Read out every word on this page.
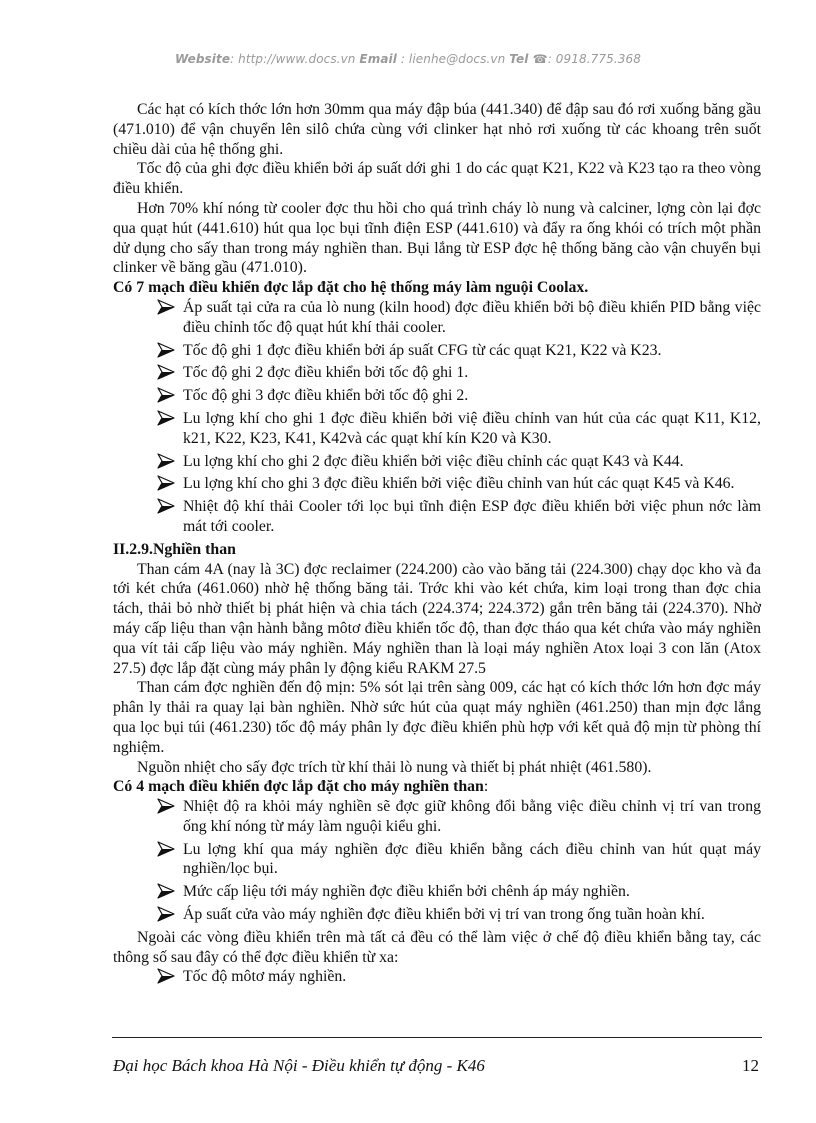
Website: http://www.docs.vn Email : lienhe@docs.vn Tel ☎: 0918.775.368

Các hạt có kích thớc lớn hơn 30mm qua máy đập búa (441.340) để đập sau đó rơi xuống băng gầu (471.010) để vận chuyển lên silô chứa cùng với clinker hạt nhỏ rơi xuống từ các khoang trên suốt chiều dài của hệ thống ghi.

Tốc độ của ghi đợc điều khiển bởi áp suất dới ghi 1 do các quạt K21, K22 và K23 tạo ra theo vòng điều khiển.

Hơn 70% khí nóng từ cooler đợc thu hồi cho quá trình cháy lò nung và calciner, lợng còn lại đợc qua quạt hút (441.610) hút qua lọc bụi tĩnh điện ESP (441.610) và đẩy ra ống khói có trích một phần dử dụng cho sấy than trong máy nghiền than. Bụi lắng từ ESP đợc hệ thống băng cào vận chuyển bụi clinker về băng gầu (471.010).

Có 7 mạch điều khiển đợc lắp đặt cho hệ thống máy làm nguội Coolax.

Áp suất tại cửa ra của lò nung (kiln hood) đợc điều khiển bởi bộ điều khiển PID bằng việc điều chỉnh tốc độ quạt hút khí thải cooler.
Tốc độ ghi 1 đợc điều khiển bởi áp suất CFG từ các quạt K21, K22 và K23.
Tốc độ ghi 2 đợc điều khiển bởi tốc độ ghi 1.
Tốc độ ghi 3 đợc điều khiển bởi tốc độ ghi 2.
Lu lợng khí cho ghi 1 đợc điều khiển bởi việ điều chỉnh van hút của các quạt K11, K12, k21, K22, K23, K41, K42và các quạt khí kín K20 và K30.
Lu lợng khí cho ghi 2 đợc điều khiển bởi việc điều chỉnh các quạt K43 và K44.
Lu lợng khí cho ghi 3 đợc điều khiển bởi việc điều chỉnh van hút các quạt K45 và K46.
Nhiệt độ khí thải Cooler tới lọc bụi tĩnh điện ESP đợc điều khiển bởi việc phun nớc làm mát tới cooler.

II.2.9.Nghiền than

Than cám 4A (nay là 3C) đợc reclaimer (224.200) cào vào băng tải (224.300) chạy dọc kho và đa tới két chứa (461.060) nhờ hệ thống băng tải. Trớc khi vào két chứa, kim loại trong than đợc chia tách, thải bỏ nhờ thiết bị phát hiện và chia tách (224.374; 224.372) gắn trên băng tải (224.370). Nhờ máy cấp liệu than vận hành bằng môtơ điều khiển tốc độ, than đợc tháo qua két chứa vào máy nghiền qua vít tải cấp liệu vào máy nghiền. Máy nghiền than là loại máy nghiền Atox loại 3 con lăn (Atox 27.5) đợc lắp đặt cùng máy phân ly động kiểu RAKM 27.5

Than cám đợc nghiền đến độ mịn: 5% sót lại trên sàng 009, các hạt có kích thớc lớn hơn đợc máy phân ly thải ra quay lại bàn nghiền. Nhờ sức hút của quạt máy nghiền (461.250) than mịn đợc lắng qua lọc bụi túi (461.230) tốc độ máy phân ly đợc điều khiển phù hợp với kết quả độ mịn từ phòng thí nghiệm.

Nguồn nhiệt cho sấy đợc trích từ khí thải lò nung và thiết bị phát nhiệt (461.580).

Có 4 mạch điều khiển đợc lắp đặt cho máy nghiền than:

Nhiệt độ ra khỏi máy nghiền sẽ đợc giữ không đổi bằng việc điều chỉnh vị trí van trong ống khí nóng từ máy làm nguội kiểu ghi.
Lu lợng khí qua máy nghiền đợc điều khiển bằng cách điều chỉnh van hút quạt máy nghiền/lọc bụi.
Mức cấp liệu tới máy nghiền đợc điều khiển bởi chênh áp máy nghiền.
Áp suất cửa vào máy nghiền đợc điều khiển bởi vị trí van trong ống tuần hoàn khí.

Ngoài các vòng điều khiển trên mà tất cả đều có thể làm việc ở chế độ điều khiển bằng tay, các thông số sau đây có thể đợc điều khiển từ xa:

Tốc độ môtơ máy nghiền.
Đại học Bách khoa Hà Nội - Điều khiển tự động - K46	12
